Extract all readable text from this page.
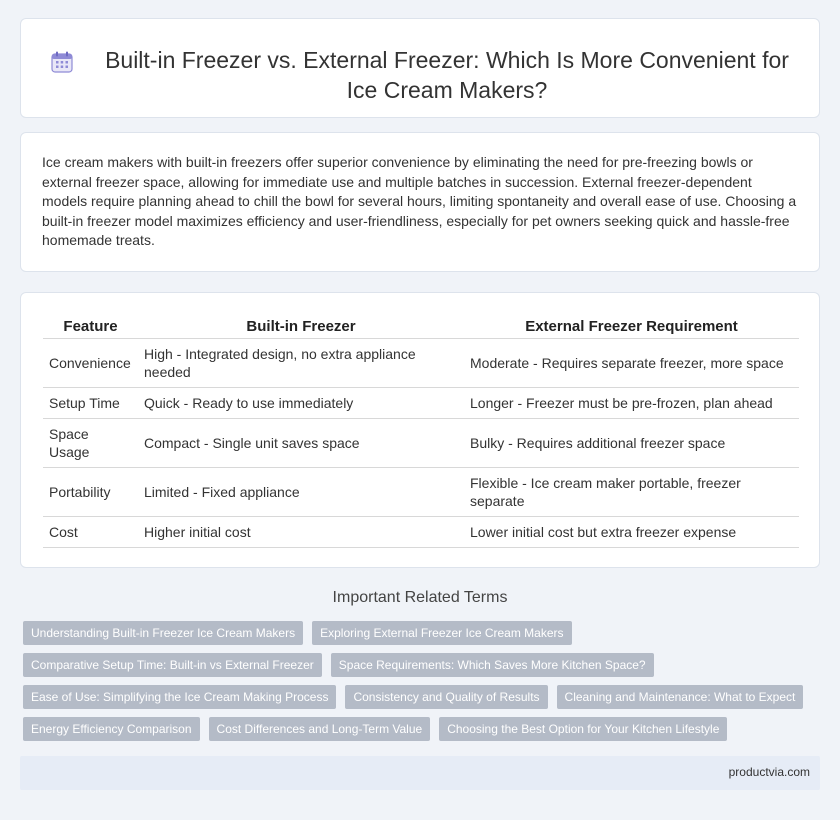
Built-in Freezer vs. External Freezer: Which Is More Convenient for Ice Cream Makers?

Ice cream makers with built-in freezers offer superior convenience by eliminating the need for pre-freezing bowls or external freezer space, allowing for immediate use and multiple batches in succession. External freezer-dependent models require planning ahead to chill the bowl for several hours, limiting spontaneity and overall ease of use. Choosing a built-in freezer model maximizes efficiency and user-friendliness, especially for pet owners seeking quick and hassle-free homemade treats.

Feature	Built-in Freezer	External Freezer Requirement
Convenience	High - Integrated design, no extra appliance needed	Moderate - Requires separate freezer, more space
Setup Time	Quick - Ready to use immediately	Longer - Freezer must be pre-frozen, plan ahead
Space Usage	Compact - Single unit saves space	Bulky - Requires additional freezer space
Portability	Limited - Fixed appliance	Flexible - Ice cream maker portable, freezer separate
Cost	Higher initial cost	Lower initial cost but extra freezer expense
Important Related Terms
Understanding Built-in Freezer Ice Cream Makers	Exploring External Freezer Ice Cream Makers
Comparative Setup Time: Built-in vs External Freezer	Space Requirements: Which Saves More Kitchen Space?
Ease of Use: Simplifying the Ice Cream Making Process	Consistency and Quality of Results	Cleaning and Maintenance: What to Expect
Energy Efficiency Comparison	Cost Differences and Long-Term Value	Choosing the Best Option for Your Kitchen Lifestyle
productvia.com
